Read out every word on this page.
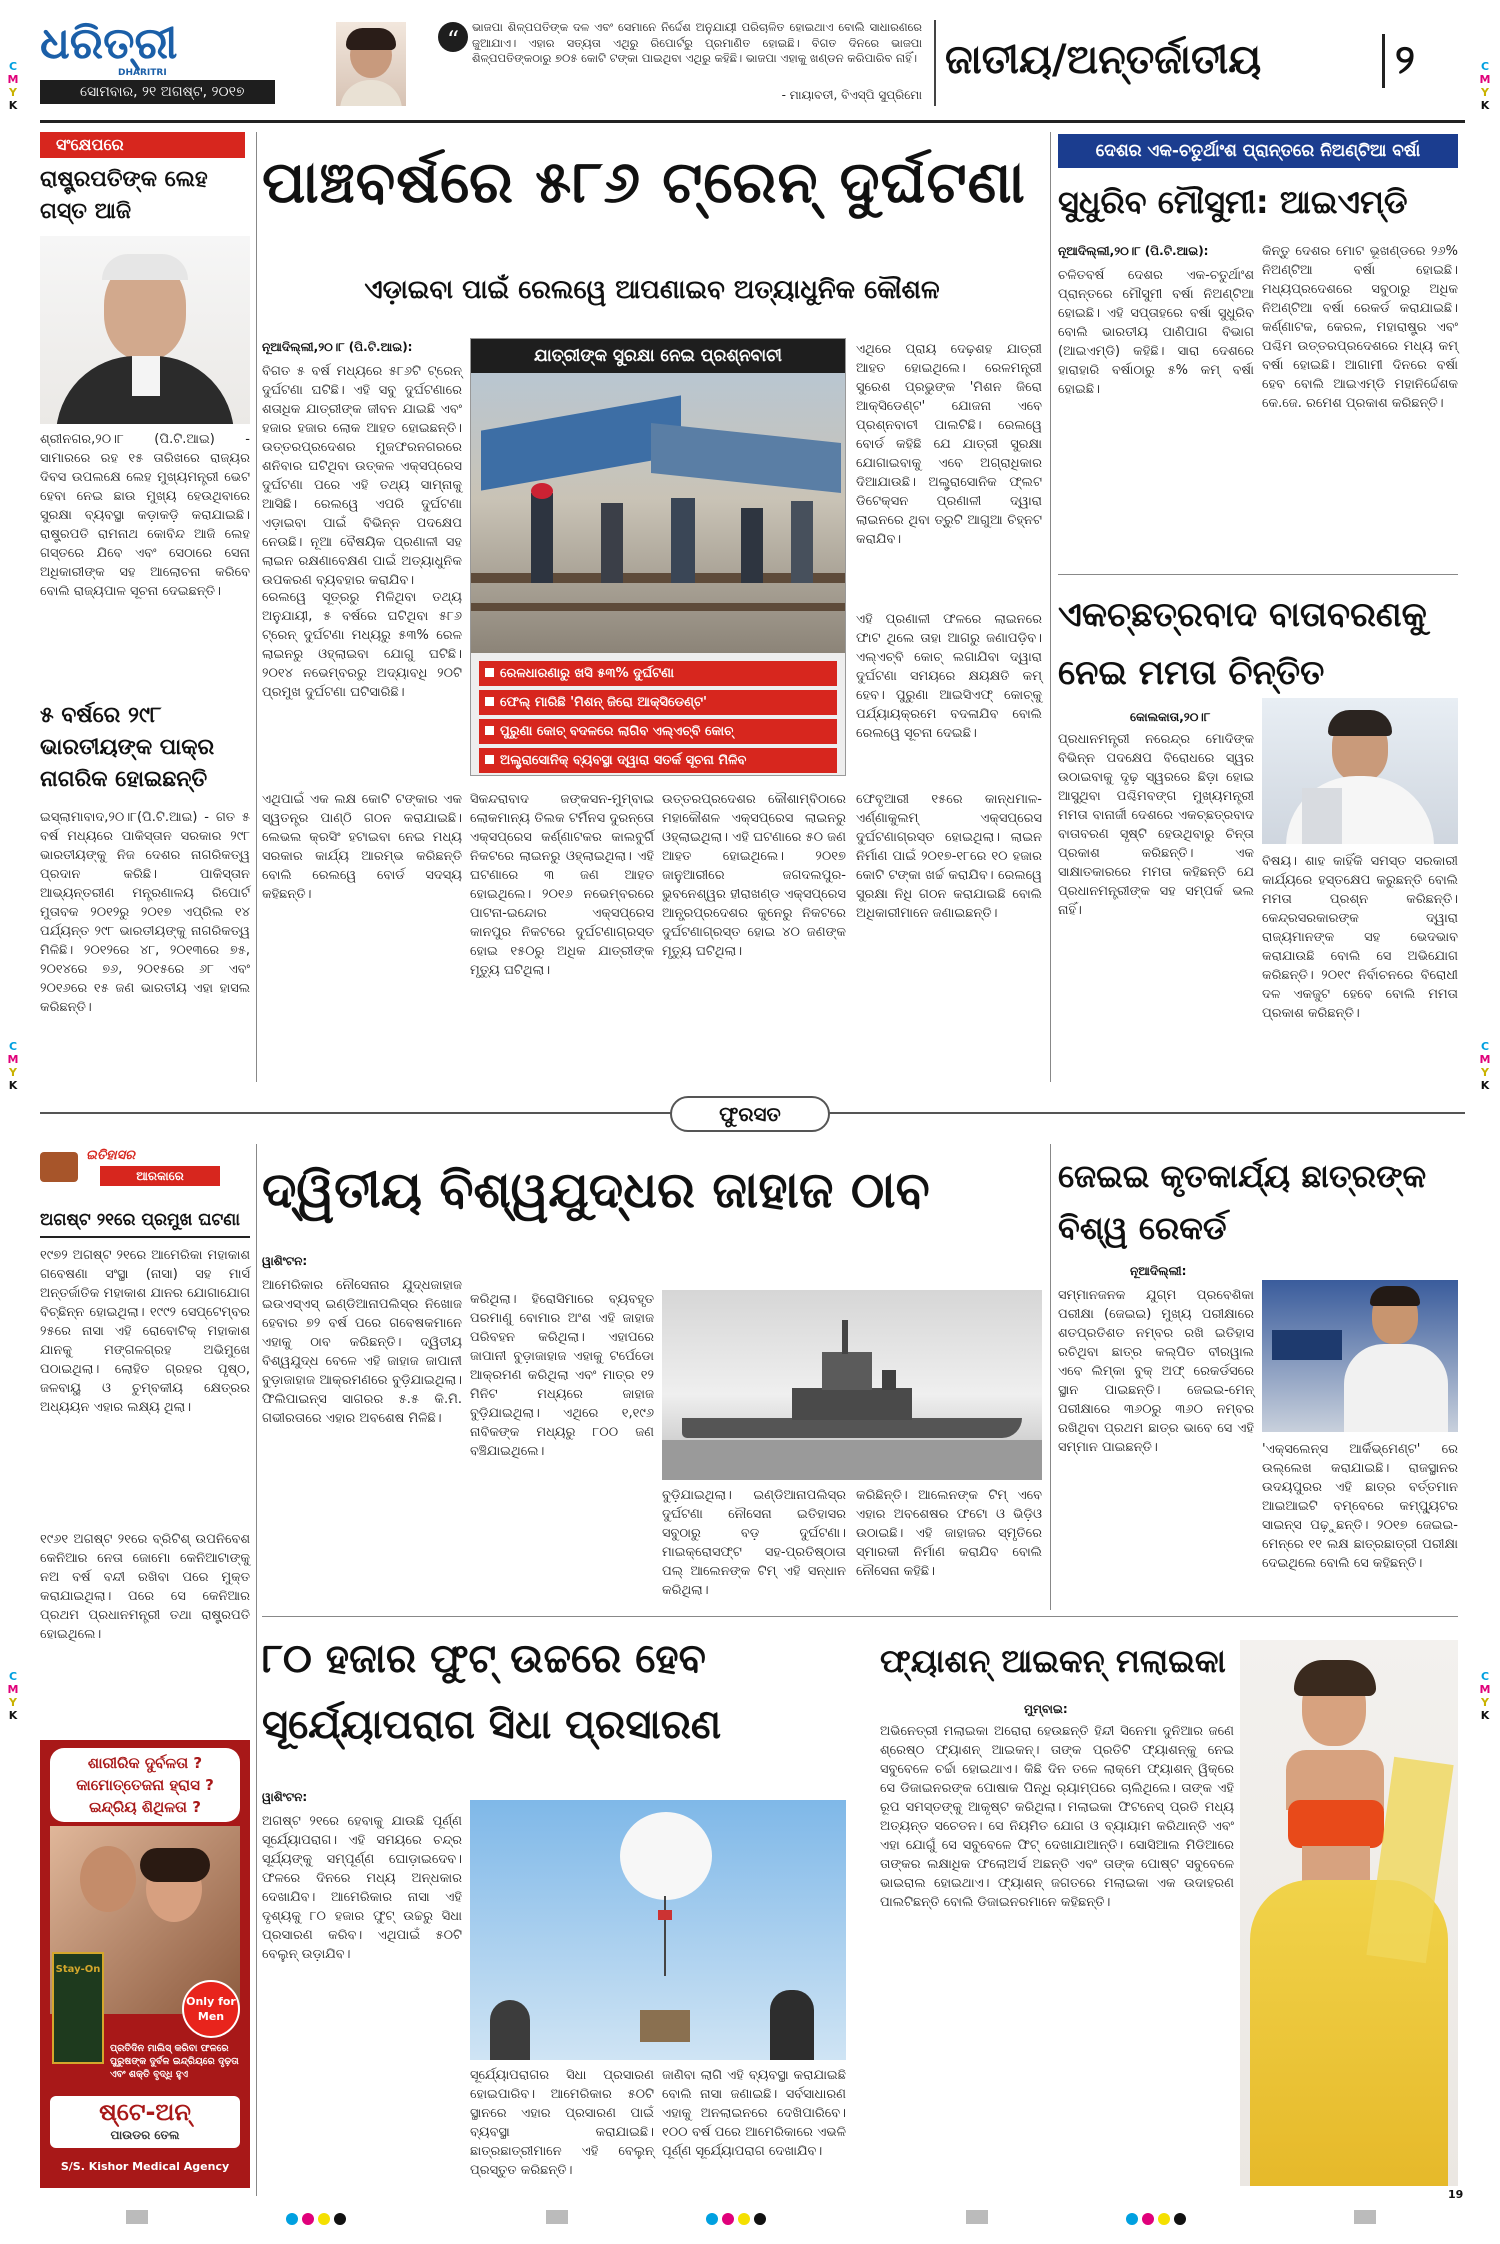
C
M
Y
K
C
M
Y
K
C
M
Y
K
C
M
Y
K
C
M
Y
K
C
M
Y
K
ଧରିତ୍ରୀ
DHARITRI
ସୋମବାର, ୨୧ ଅଗଷ୍ଟ, ୨୦୧୭
“	ଭାଜପା ଶିଳ୍ପପତିଙ୍କ ଦଳ ଏବଂ ସେମାନେ ନିର୍ଦ୍ଦେଶ ଅନୁଯାୟୀ ପରିଚାଳିତ ହୋଇଥାଏ ବୋଲି ସାଧାରଣରେ ଜୁଆଯାଏ। ଏହାର ସତ୍ୟତା ଏଥିରୁ ରିପୋର୍ଟରୁ ପ୍ରମାଣିତ ହୋଇଛି। ବିଗତ ଦିନରେ ଭାଜପା ଶିଳ୍ପପତିଙ୍କଠାରୁ ୭୦୫ କୋଟି ଟଙ୍କା ପାଇଥିବା ଏଥିରୁ କହିଛି। ଭାଜପା ଏହାକୁ ଖଣ୍ଡନ କରିପାରିବ ନାହିଁ।

- ମାୟାବତୀ, ବିଏସ୍‌ପି ସୁପ୍ରିମୋ
ଜାତୀୟ/ଅନ୍ତର୍ଜାତୀୟ	୨
ସଂକ୍ଷେପରେ
ରାଷ୍ଟ୍ରପତିଙ୍କ ଲେହ ଗସ୍ତ ଆଜି

ଶ୍ରୀନଗର,୨୦।୮ (ପି.ଟି.ଆଇ) - ସାମାରରେ ରହ ୧୫ ତାରିଖରେ ରାଜ୍ୟର ଦିବସ ଉପଲକ୍ଷେ ଲେହ ମୁଖ୍ୟମନ୍ତ୍ରୀ ଭେଟ ହେବା ନେଇ ଛାଉ ମୁଖ୍ୟ ହେଉଥିବାରେ ସୁରକ୍ଷା ବ୍ୟବସ୍ଥା କଡ଼ାକଡ଼ି କରାଯାଇଛି। ରାଷ୍ଟ୍ରପତି ରାମନାଥ କୋବିନ୍ଦ ଆଜି ଲେହ ଗସ୍ତରେ ଯିବେ ଏବଂ ସେଠାରେ ସେନା ଅଧିକାରୀଙ୍କ ସହ ଆଲୋଚନା କରିବେ ବୋଲି ରାଜ୍ୟପାଳ ସୂଚନା ଦେଇଛନ୍ତି।

୫ ବର୍ଷରେ ୨୯୮ ଭାରତୀୟଙ୍କ ପାକ୍‌ର ନାଗରିକ ହୋଇଛନ୍ତି

ଇସ୍‌ଲାମାବାଦ,୨୦।୮(ପି.ଟି.ଆଇ) - ଗତ ୫ ବର୍ଷ ମଧ୍ୟରେ ପାକିସ୍ତାନ ସରକାର ୨୯୮ ଭାରତୀୟଙ୍କୁ ନିଜ ଦେଶର ନାଗରିକତ୍ୱ ପ୍ରଦାନ କରିଛି। ପାକିସ୍ତାନ ଆଭ୍ୟନ୍ତରୀଣ ମନ୍ତ୍ରଣାଳୟ ରିପୋର୍ଟ ମୁତାବକ ୨୦୧୨ରୁ ୨୦୧୭ ଏପ୍ରିଲ ୧୪ ପର୍ଯ୍ୟନ୍ତ ୨୯୮ ଭାରତୀୟଙ୍କୁ ନାଗରିକତ୍ୱ ମିଳିଛି। ୨୦୧୨ରେ ୪୮, ୨୦୧୩ରେ ୭୫, ୨୦୧୪ରେ ୭୬, ୨୦୧୫ରେ ୬୮ ଏବଂ ୨୦୧୬ରେ ୧୫ ଜଣ ଭାରତୀୟ ଏହା ହାସଲ କରିଛନ୍ତି।

ପାଞ୍ଚବର୍ଷରେ ୫୮୬ ଟ୍ରେନ୍ ଦୁର୍ଘଟଣା
ଏଡ଼ାଇବା ପାଇଁ ରେଲୱେ ଆପଣାଇବ ଅତ୍ୟାଧୁନିକ କୌଶଳ
ନୂଆଦିଲ୍ଲୀ,୨୦।୮ (ପି.ଟି.ଆଇ):

ବିଗତ ୫ ବର୍ଷ ମଧ୍ୟରେ ୫୮୬ଟି ଟ୍ରେନ୍ ଦୁର୍ଘଟଣା ଘଟିଛି। ଏହି ସବୁ ଦୁର୍ଘଟଣାରେ ଶତାଧିକ ଯାତ୍ରୀଙ୍କ ଜୀବନ ଯାଇଛି ଏବଂ ହଜାର ହଜାର ଲୋକ ଆହତ ହୋଇଛନ୍ତି। ଉତ୍ତରପ୍ରଦେଶର ମୁଜଫରନଗରରେ ଶନିବାର ଘଟିଥିବା ଉତ୍କଳ ଏକ୍ସପ୍ରେସ ଦୁର୍ଘଟଣା ପରେ ଏହି ତଥ୍ୟ ସାମ୍ନାକୁ ଆସିଛି। ରେଲୱେ ଏପରି ଦୁର୍ଘଟଣା ଏଡ଼ାଇବା ପାଇଁ ବିଭିନ୍ନ ପଦକ୍ଷେପ ନେଉଛି। ନୂଆ ବୈଷୟିକ ପ୍ରଣାଳୀ ସହ ଲାଇନ ରକ୍ଷଣାବେକ୍ଷଣ ପାଇଁ ଅତ୍ୟାଧୁନିକ ଉପକରଣ ବ୍ୟବହାର କରାଯିବ।

ରେଲୱେ ସୂତ୍ରରୁ ମିଳିଥିବା ତଥ୍ୟ ଅନୁଯାୟୀ, ୫ ବର୍ଷରେ ଘଟିଥିବା ୫୮୬ ଟ୍ରେନ୍ ଦୁର୍ଘଟଣା ମଧ୍ୟରୁ ୫୩% ରେଳ ଲାଇନରୁ ଓହ୍ଲାଇବା ଯୋଗୁ ଘଟିଛି। ୨୦୧୪ ନଭେମ୍ବରରୁ ଅଦ୍ୟାବଧି ୨୦ଟି ପ୍ରମୁଖ ଦୁର୍ଘଟଣା ଘଟିସାରିଛି।

ଯାତ୍ରୀଙ୍କ ସୁରକ୍ଷା ନେଇ ପ୍ରଶ୍ନବାଚୀ
ରେଳଧାରଣାରୁ ଖସି ୫୩% ଦୁର୍ଘଟଣା
ଫେଲ୍ ମାରିଛି 'ମିଶନ୍ ଜିରୋ ଆକ୍ସିଡେଣ୍ଟ'
ପୁରୁଣା କୋଚ୍ ବଦଳରେ ଲାଗିବ ଏଲ୍‌ଏଚ୍‌ବି କୋଚ୍
ଅଲ୍ଟ୍ରାସୋନିକ୍ ବ୍ୟବସ୍ଥା ଦ୍ୱାରା ସତର୍କ ସୂଚନା ମିଳିବ

ଏଥିରେ ପ୍ରାୟ ଦେଢ଼ଶହ ଯାତ୍ରୀ ଆହତ ହୋଇଥିଲେ। ରେଳମନ୍ତ୍ରୀ ସୁରେଶ ପ୍ରଭୁଙ୍କ 'ମିଶନ ଜିରୋ ଆକ୍‌ସିଡେଣ୍ଟ' ଯୋଜନା ଏବେ ପ୍ରଶ୍ନବାଚୀ ପାଲଟିଛି। ରେଲୱେ ବୋର୍ଡ କହିଛି ଯେ ଯାତ୍ରୀ ସୁରକ୍ଷା ଯୋଗାଇବାକୁ ଏବେ ଅଗ୍ରାଧିକାର ଦିଆଯାଉଛି। ଅଲ୍ଟ୍ରାସୋନିକ ଫ୍ଲଟ ଡିଟେକ୍ସନ ପ୍ରଣାଳୀ ଦ୍ୱାରା ଲାଇନରେ ଥିବା ତ୍ରୁଟି ଆଗୁଆ ଚିହ୍ନଟ କରାଯିବ।

ଏହି ପ୍ରଣାଳୀ ଫଳରେ ଲାଇନରେ ଫାଟ ଥିଲେ ତାହା ଆଗରୁ ଜଣାପଡ଼ିବ। ଏଲ୍‌ଏଚ୍‌ବି କୋଚ୍ ଲଗାଯିବା ଦ୍ୱାରା ଦୁର୍ଘଟଣା ସମୟରେ କ୍ଷୟକ୍ଷତି କମ୍ ହେବ। ପୁରୁଣା ଆଇସିଏଫ୍ କୋଚ୍‌କୁ ପର୍ଯ୍ୟାୟକ୍ରମେ ବଦଳାଯିବ ବୋଲି ରେଲୱେ ସୂଚନା ଦେଇଛି।

ସିକନ୍ଦରାବାଦ ଜଙ୍କସନ-ମୁମ୍ବାଇ ଲୋକମାନ୍ୟ ତିଲକ ଟର୍ମିନସ ଦୁରନ୍ତୋ ଏକ୍ସପ୍ରେସ କର୍ଣ୍ଣାଟକର କାଲବୁର୍ଗି ନିକଟରେ ଲାଇନରୁ ଓହ୍ଲାଇଥିଲା। ଏହି ଘଟଣାରେ ୩ ଜଣ ଆହତ ହୋଇଥିଲେ। ୨୦୧୬ ନଭେମ୍ବରରେ ପାଟନା-ଇନ୍ଦୋର ଏକ୍ସପ୍ରେସ କାନପୁର ନିକଟରେ ଦୁର୍ଘଟଣାଗ୍ରସ୍ତ ହୋଇ ୧୫୦ରୁ ଅଧିକ ଯାତ୍ରୀଙ୍କ ମୃତ୍ୟୁ ଘଟିଥିଲା।

ଉତ୍ତରପ୍ରଦେଶର କୌଶାମ୍ବିଠାରେ ମହାକୌଶଳ ଏକ୍ସପ୍ରେସ ଲାଇନରୁ ଓହ୍ଲାଇଥିଲା। ଏହି ଘଟଣାରେ ୫୦ ଜଣ ଆହତ ହୋଇଥିଲେ। ୨୦୧୭ ଜାନୁଆରୀରେ ଜଗଦଲପୁର-ଭୁବନେଶ୍ୱର ହୀରାଖଣ୍ଡ ଏକ୍ସପ୍ରେସ ଆନ୍ଧ୍ରପ୍ରଦେଶର କୁନେରୁ ନିକଟରେ ଦୁର୍ଘଟଣାଗ୍ରସ୍ତ ହୋଇ ୪୦ ଜଣଙ୍କ ମୃତ୍ୟୁ ଘଟିଥିଲା।

ଫେବୃଆରୀ ୧୫ରେ କାନ୍ଧମାଳ-ଏର୍ଣ୍ଣାକୁଲମ୍ ଏକ୍ସପ୍ରେସ ଦୁର୍ଘଟଣାଗ୍ରସ୍ତ ହୋଇଥିଲା। ଲାଇନ ନିର୍ମାଣ ପାଇଁ ୨୦୧୭-୧୮ରେ ୧୦ ହଜାର କୋଟି ଟଙ୍କା ଖର୍ଚ୍ଚ କରାଯିବ। ରେଲୱେ ସୁରକ୍ଷା ନିଧି ଗଠନ କରାଯାଇଛି ବୋଲି ଅଧିକାରୀମାନେ ଜଣାଇଛନ୍ତି।

ଏଥିପାଇଁ ଏକ ଲକ୍ଷ କୋଟି ଟଙ୍କାର ଏକ ସ୍ୱତନ୍ତ୍ର ପାଣ୍ଠି ଗଠନ କରାଯାଇଛି। ଲେଭଲ କ୍ରସିଂ ହଟାଇବା ନେଇ ମଧ୍ୟ ସରକାର କାର୍ଯ୍ୟ ଆରମ୍ଭ କରିଛନ୍ତି ବୋଲି ରେଲୱେ ବୋର୍ଡ ସଦସ୍ୟ କହିଛନ୍ତି।

ଦେଶର ଏକ-ଚତୁର୍ଥାଂଶ ପ୍ରାନ୍ତରେ ନିଅଣ୍ଟିଆ ବର୍ଷା
ସୁଧୁରିବ ମୌସୁମୀ: ଆଇଏମ୍‌ଡି
ନୂଆଦିଲ୍ଲୀ,୨୦।୮ (ପି.ଟି.ଆଇ):

ଚଳିତବର୍ଷ ଦେଶର ଏକ-ଚତୁର୍ଥାଂଶ ପ୍ରାନ୍ତରେ ମୌସୁମୀ ବର୍ଷା ନିଅଣ୍ଟିଆ ହୋଇଛି। ଏହି ସପ୍ତାହରେ ବର୍ଷା ସୁଧୁରିବ ବୋଲି ଭାରତୀୟ ପାଣିପାଗ ବିଭାଗ (ଆଇଏମ୍‌ଡି) କହିଛି। ସାରା ଦେଶରେ ହାରାହାରି ବର୍ଷାଠାରୁ ୫% କମ୍ ବର୍ଷା ହୋଇଛି।

କିନ୍ତୁ ଦେଶର ମୋଟ ଭୂଖଣ୍ଡରେ ୨୬% ନିଅଣ୍ଟିଆ ବର୍ଷା ହୋଇଛି। ମଧ୍ୟପ୍ରଦେଶରେ ସବୁଠାରୁ ଅଧିକ ନିଅଣ୍ଟିଆ ବର୍ଷା ରେକର୍ଡ କରାଯାଇଛି। କର୍ଣ୍ଣାଟକ, କେରଳ, ମହାରାଷ୍ଟ୍ର ଏବଂ ପଶ୍ଚିମ ଉତ୍ତରପ୍ରଦେଶରେ ମଧ୍ୟ କମ୍ ବର୍ଷା ହୋଇଛି। ଆଗାମୀ ଦିନରେ ବର୍ଷା ହେବ ବୋଲି ଆଇଏମ୍‌ଡି ମହାନିର୍ଦ୍ଦେଶକ କେ.ଜେ. ରମେଶ ପ୍ରକାଶ କରିଛନ୍ତି।

ଏକଚ୍ଛତ୍ରବାଦ ବାତାବରଣକୁ ନେଇ ମମତା ଚିନ୍ତିତ
କୋଲକାତା,୨୦।୮

ପ୍ରଧାନମନ୍ତ୍ରୀ ନରେନ୍ଦ୍ର ମୋଦିଙ୍କ ବିଭିନ୍ନ ପଦକ୍ଷେପ ବିରୋଧରେ ସ୍ୱର ଉଠାଇବାକୁ ଦୃଢ଼ ସ୍ୱରରେ ଛିଡ଼ା ହୋଇ ଆସୁଥିବା ପଶ୍ଚିମବଙ୍ଗ ମୁଖ୍ୟମନ୍ତ୍ରୀ ମମତା ବାନାର୍ଜୀ ଦେଶରେ ଏକଚ୍ଛତ୍ରବାଦ ବାତାବରଣ ସୃଷ୍ଟି ହେଉଥିବାରୁ ଚିନ୍ତା ପ୍ରକାଶ କରିଛନ୍ତି। ଏକ ସାକ୍ଷାତକାରରେ ମମତା କହିଛନ୍ତି ଯେ ପ୍ରଧାନମନ୍ତ୍ରୀଙ୍କ ସହ ସମ୍ପର୍କ ଭଲ ନାହିଁ।

ବିଷୟ। ଶାହ କାହିଁକି ସମସ୍ତ ସରକାରୀ କାର୍ଯ୍ୟରେ ହସ୍ତକ୍ଷେପ କରୁଛନ୍ତି ବୋଲି ମମତା ପ୍ରଶ୍ନ କରିଛନ୍ତି। କେନ୍ଦ୍ରସରକାରଙ୍କ ଦ୍ୱାରା ରାଜ୍ୟମାନଙ୍କ ସହ ଭେଦଭାବ କରାଯାଉଛି ବୋଲି ସେ ଅଭିଯୋଗ କରିଛନ୍ତି। ୨୦୧୯ ନିର୍ବାଚନରେ ବିରୋଧୀ ଦଳ ଏକଜୁଟ ହେବେ ବୋଲି ମମତା ପ୍ରକାଶ କରିଛନ୍ତି।

ଫୁରସତ
ଇତିହାସର
ଆରକାରେ
ଅଗଷ୍ଟ ୨୧ରେ ପ୍ରମୁଖ ଘଟଣା

୧୯୭୨ ଅଗଷ୍ଟ ୨୧ରେ ଆମେରିକା ମହାକାଶ ଗବେଷଣା ସଂସ୍ଥା (ନାସା) ସହ ମାର୍ସ ଅନ୍ତର୍ଜାତିକ ମହାକାଶ ଯାନର ଯୋଗାଯୋଗ ବିଚ୍ଛିନ୍ନ ହୋଇଥିଲା। ୧୯୯୨ ସେପ୍ଟେମ୍ବର ୨୫ରେ ନାସା ଏହି ରୋବୋଟିକ୍ ମହାକାଶ ଯାନକୁ ମଙ୍ଗଳଗ୍ରହ ଅଭିମୁଖେ ପଠାଇଥିଲା। ଲୋହିତ ଗ୍ରହର ପୃଷ୍ଠ, ଜଳବାୟୁ ଓ ଚୁମ୍ବକୀୟ କ୍ଷେତ୍ରର ଅଧ୍ୟୟନ ଏହାର ଲକ୍ଷ୍ୟ ଥିଲା।

୧୯୬୧ ଅଗଷ୍ଟ ୨୧ରେ ବ୍ରିଟିଶ୍ ଉପନିବେଶ କେନିଆର ନେତା ଜୋମୋ କେନିଆଟାଙ୍କୁ ନଅ ବର୍ଷ ବନ୍ଦୀ ରଖିବା ପରେ ମୁକ୍ତ କରାଯାଇଥିଲା। ପରେ ସେ କେନିଆର ପ୍ରଥମ ପ୍ରଧାନମନ୍ତ୍ରୀ ତଥା ରାଷ୍ଟ୍ରପତି ହୋଇଥିଲେ।

ଶାରୀରିକ ଦୁର୍ବଳତା ?
କାମୋତ୍ତେଜନା ହ୍ରାସ ?
ଇନ୍ଦ୍ରିୟ ଶିଥିଳତା ?
Stay-On
Only for Men
ପ୍ରତିଦିନ ମାଲିସ୍ କରିବା ଫଳରେ ପୁରୁଷଙ୍କ ଦୁର୍ବଳ ଇନ୍ଦ୍ରିୟରେ ଦୃଢ଼ତା ଏବଂ ଶକ୍ତି ବୃଦ୍ଧି ହୁଏ
ଷ୍ଟେ-ଅନ୍
ପାଉଡର ତେଲ
S/S. Kishor Medical Agency
ଦ୍ୱିତୀୟ ବିଶ୍ୱଯୁଦ୍ଧର ଜାହାଜ ଠାବ
ୱାଶିଂଟନ:

ଆମେରିକାର ନୌସେନାର ଯୁଦ୍ଧଜାହାଜ ଇଉଏସ୍‌ଏସ୍ ଇଣ୍ଡିଆନାପଲିସ୍‌ର ନିଖୋଜ ହେବାର ୭୨ ବର୍ଷ ପରେ ଗବେଷକମାନେ ଏହାକୁ ଠାବ କରିଛନ୍ତି। ଦ୍ୱିତୀୟ ବିଶ୍ୱଯୁଦ୍ଧ ବେଳେ ଏହି ଜାହାଜ ଜାପାନୀ ବୁଡ଼ାଜାହାଜ ଆକ୍ରମଣରେ ବୁଡ଼ିଯାଇଥିଲା। ଫିଲିପାଇନ୍ସ ସାଗରର ୫.୫ କି.ମି. ଗଭୀରତାରେ ଏହାର ଅବଶେଷ ମିଳିଛି।

କରିଥିଲା। ହିରୋସିମାରେ ବ୍ୟବହୃତ ପରମାଣୁ ବୋମାର ଅଂଶ ଏହି ଜାହାଜ ପରିବହନ କରିଥିଲା। ଏହାପରେ ଜାପାନୀ ବୁଡ଼ାଜାହାଜ ଏହାକୁ ଟର୍ପେଡୋ ଆକ୍ରମଣ କରିଥିଲା ଏବଂ ମାତ୍ର ୧୨ ମିନିଟ ମଧ୍ୟରେ ଜାହାଜ ବୁଡ଼ିଯାଇଥିଲା। ଏଥିରେ ୧,୧୯୬ ନାବିକଙ୍କ ମଧ୍ୟରୁ ୮୦୦ ଜଣ ବଞ୍ଚିଯାଇଥିଲେ।

ବୁଡ଼ିଯାଇଥିଲା। ଇଣ୍ଡିଆନାପଲିସ୍‌ର ଦୁର୍ଘଟଣା ନୌସେନା ଇତିହାସର ସବୁଠାରୁ ବଡ଼ ଦୁର୍ଘଟଣା। ମାଇକ୍ରୋସଫ୍ଟ ସହ-ପ୍ରତିଷ୍ଠାତା ପଲ୍ ଆଲେନଙ୍କ ଟିମ୍ ଏହି ସନ୍ଧାନ କରିଥିଲା।

କରିଛିନ୍ତି। ଆଲେନଙ୍କ ଟିମ୍ ଏବେ ଏହାର ଅବଶେଷର ଫଟୋ ଓ ଭିଡ଼ିଓ ଉଠାଇଛି। ଏହି ଜାହାଜର ସ୍ମୃତିରେ ସ୍ମାରକୀ ନିର୍ମାଣ କରାଯିବ ବୋଲି ନୌସେନା କହିଛି।

ଜେଇଇ କୃତକାର୍ଯ୍ୟ ଛାତ୍ରଙ୍କ ବିଶ୍ୱ ରେକର୍ଡ
ନୂଆଦିଲ୍ଲୀ:

ସମ୍ମାନଜନକ ଯୁଗ୍ମ ପ୍ରବେଶିକା ପରୀକ୍ଷା (ଜେଇଇ) ମୁଖ୍ୟ ପରୀକ୍ଷାରେ ଶତପ୍ରତିଶତ ନମ୍ବର ରଖି ଇତିହାସ ରଚିଥିବା ଛାତ୍ର କଲ୍ପିତ ବୀରୱାଲ ଏବେ ଲିମ୍କା ବୁକ୍ ଅଫ୍ ରେକର୍ଡସରେ ସ୍ଥାନ ପାଇଛନ୍ତି। ଜେଇଇ-ମେନ୍ ପରୀକ୍ଷାରେ ୩୬୦ରୁ ୩୬୦ ନମ୍ବର ରଖିଥିବା ପ୍ରଥମ ଛାତ୍ର ଭାବେ ସେ ଏହି ସମ୍ମାନ ପାଇଛନ୍ତି।	'ଏକ୍ସଲେନ୍ସ ଆର୍କିଭ୍‌ମେଣ୍ଟ' ରେ ଉଲ୍ଲେଖ କରାଯାଇଛି। ରାଜସ୍ଥାନର ଉଦୟପୁରର ଏହି ଛାତ୍ର ବର୍ତ୍ତମାନ ଆଇଆଇଟି ବମ୍ବେରେ କମ୍ପ୍ୟୁଟର ସାଇନ୍ସ ପଢ଼ୁଛନ୍ତି। ୨୦୧୭ ଜେଇଇ-ମେନ୍‌ରେ ୧୧ ଲକ୍ଷ ଛାତ୍ରଛାତ୍ରୀ ପରୀକ୍ଷା ଦେଇଥିଲେ ବୋଲି ସେ କହିଛନ୍ତି।

୮୦ ହଜାର ଫୁଟ୍ ଉଚ୍ଚରେ ହେବ ସୂର୍ଯ୍ୟୋପରାଗ ସିଧା ପ୍ରସାରଣ
ୱାଶିଂଟନ:

ଅଗଷ୍ଟ ୨୧ରେ ହେବାକୁ ଯାଉଛି ପୂର୍ଣ୍ଣ ସୂର୍ଯ୍ୟୋପରାଗ। ଏହି ସମୟରେ ଚନ୍ଦ୍ର ସୂର୍ଯ୍ୟଙ୍କୁ ସମ୍ପୂର୍ଣ୍ଣ ଘୋଡ଼ାଇଦେବ। ଫଳରେ ଦିନରେ ମଧ୍ୟ ଅନ୍ଧକାର ଦେଖାଯିବ। ଆମେରିକାର ନାସା ଏହି ଦୃଶ୍ୟକୁ ୮୦ ହଜାର ଫୁଟ୍ ଉଚ୍ଚରୁ ସିଧା ପ୍ରସାରଣ କରିବ। ଏଥିପାଇଁ ୫୦ଟି ବେଲୁନ୍ ଉଡ଼ାଯିବ।

ସୂର୍ଯ୍ୟୋପରାଗର ସିଧା ପ୍ରସାରଣ ହୋଇପାରିବ। ଆମେରିକାର ୫୦ଟି ସ୍ଥାନରେ ଏହାର ପ୍ରସାରଣ ପାଇଁ ବ୍ୟବସ୍ଥା କରାଯାଇଛି। ଛାତ୍ରଛାତ୍ରୀମାନେ ଏହି ବେଲୁନ୍ ପ୍ରସ୍ତୁତ କରିଛନ୍ତି।

ଜାଣିବା ଲାଗି ଏହି ବ୍ୟବସ୍ଥା କରାଯାଇଛି ବୋଲି ନାସା ଜଣାଇଛି। ସର୍ବସାଧାରଣ ଏହାକୁ ଅନଲାଇନରେ ଦେଖିପାରିବେ। ୧୦୦ ବର୍ଷ ପରେ ଆମେରିକାରେ ଏଭଳି ପୂର୍ଣ୍ଣ ସୂର୍ଯ୍ୟୋପରାଗ ଦେଖାଯିବ।

ଫ୍ୟାଶନ୍ ଆଇକନ୍ ମଲାଇକା
ମୁମ୍ବାଇ:

ଅଭିନେତ୍ରୀ ମଲାଇକା ଅରୋରା ହେଉଛନ୍ତି ହିନ୍ଦୀ ସିନେମା ଦୁନିଆର ଜଣେ ଶ୍ରେଷ୍ଠ ଫ୍ୟାଶନ୍ ଆଇକନ୍। ତାଙ୍କ ପ୍ରତିଟି ଫ୍ୟାଶନ୍‌କୁ ନେଇ ସବୁବେଳେ ଚର୍ଚ୍ଚା ହୋଇଥାଏ। କିଛି ଦିନ ତଳେ ଲାକ୍ମେ ଫ୍ୟାଶନ୍ ୱିକ୍‌ରେ ସେ ଡିଜାଇନରଙ୍କ ପୋଷାକ ପିନ୍ଧି ର‌୍ୟାମ୍ପରେ ଚାଲିଥିଲେ। ତାଙ୍କ ଏହି ରୂପ ସମସ୍ତଙ୍କୁ ଆକୃଷ୍ଟ କରିଥିଲା। ମଲାଇକା ଫିଟନେସ୍ ପ୍ରତି ମଧ୍ୟ ଅତ୍ୟନ୍ତ ସଚେତନ। ସେ ନିୟମିତ ଯୋଗ ଓ ବ୍ୟାୟାମ କରିଥାନ୍ତି ଏବଂ ଏହା ଯୋଗୁଁ ସେ ସବୁବେଳେ ଫିଟ୍ ଦେଖାଯାଆନ୍ତି। ସୋସିଆଲ ମିଡିଆରେ ତାଙ୍କର ଲକ୍ଷାଧିକ ଫଲୋଅର୍ସ ଅଛନ୍ତି ଏବଂ ତାଙ୍କ ପୋଷ୍ଟ ସବୁବେଳେ ଭାଇରାଲ ହୋଇଥାଏ। ଫ୍ୟାଶନ୍ ଜଗତରେ ମଲାଇକା ଏକ ଉଦାହରଣ ପାଲଟିଛନ୍ତି ବୋଲି ଡିଜାଇନରମାନେ କହିଛନ୍ତି।

19
